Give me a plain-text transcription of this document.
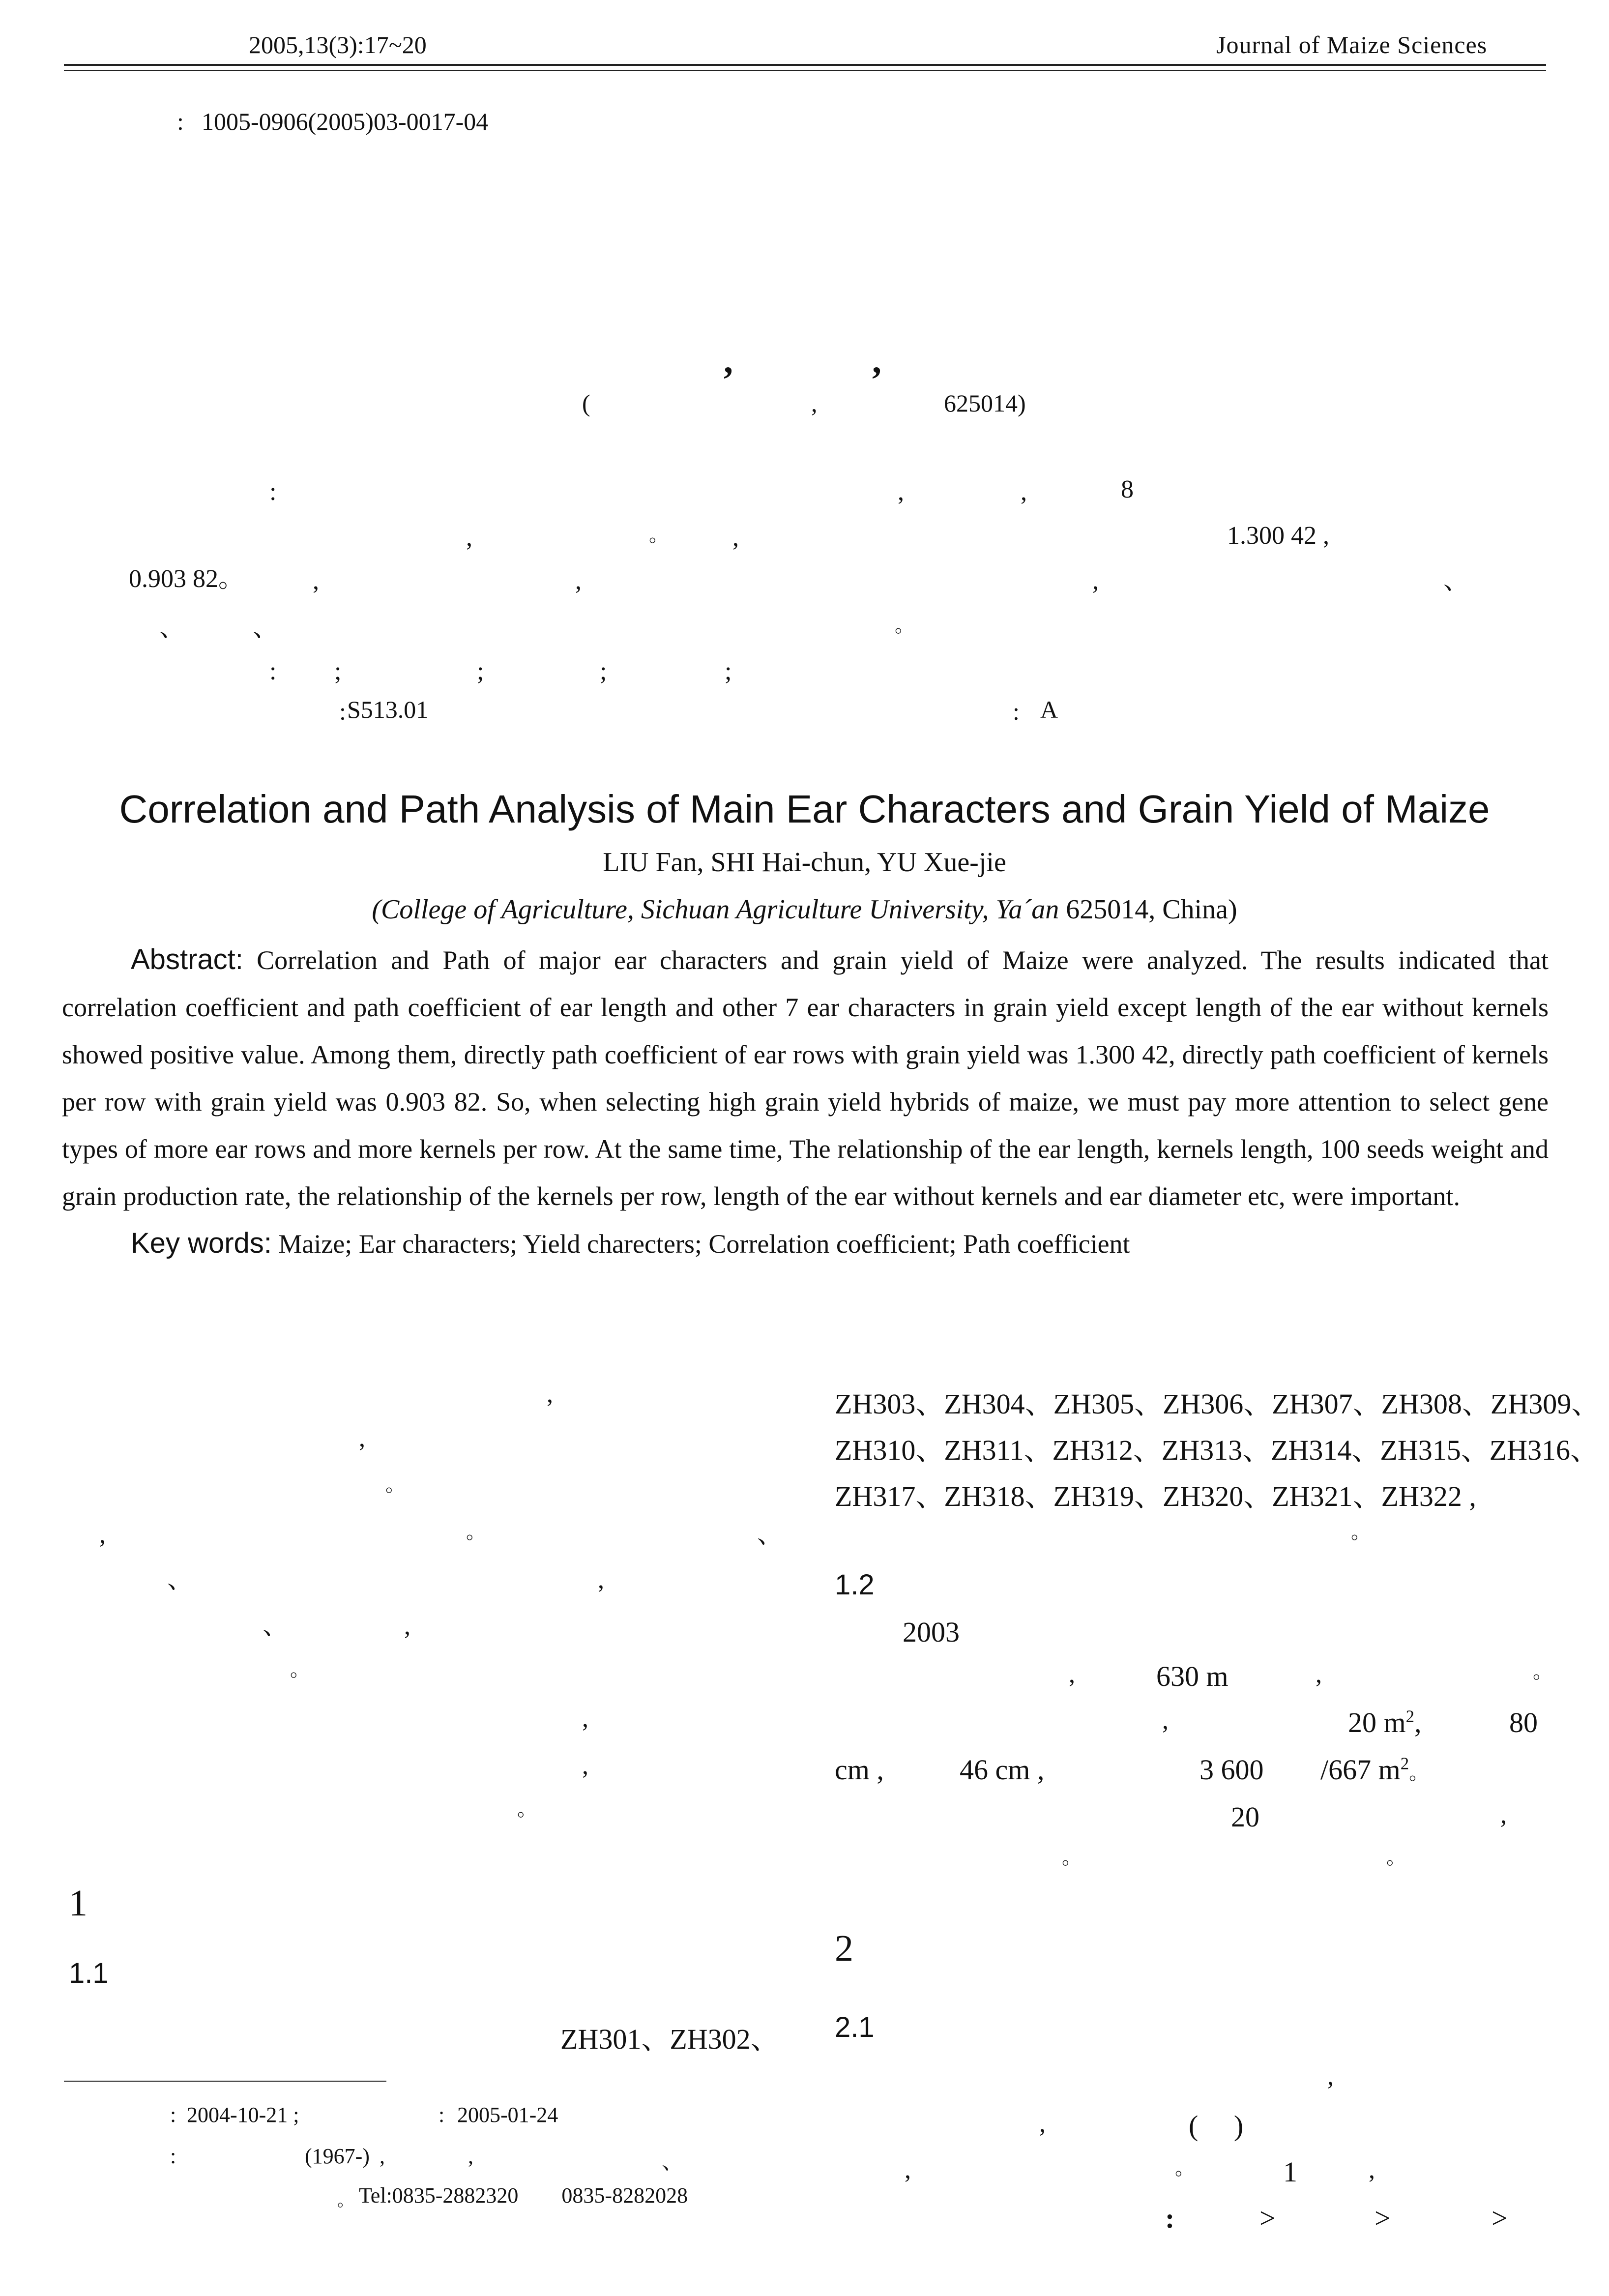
2005,13(3):17~20	Journal of Maize Sciences
: 1005-0906(2005)03-0017-04
,	,
(	,	625014)
:	,	,	8
,	。	,	1.300 42 ,
0.903 82。	,	,	,	、
、	、	。
: ;	;	;	;
: S513.01	: A
Correlation and Path Analysis of Main Ear Characters and Grain Yield of Maize
LIU Fan, SHI Hai-chun, YU Xue-jie
(College of Agriculture, Sichuan Agriculture University, Ya´an 625014, China)

Abstract: Correlation and Path of major ear characters and grain yield of Maize were analyzed. The results indicated that correlation coefficient and path coefficient of ear length and other 7 ear characters in grain yield except length of the ear without kernels showed positive value. Among them, directly path coefficient of ear rows with grain yield was 1.300 42, directly path coefficient of kernels per row with grain yield was 0.903 82. So, when selecting high grain yield hybrids of maize, we must pay more attention to select gene types of more ear rows and more kernels per row. At the same time, The relationship of the ear length, kernels length, 100 seeds weight and grain production rate, the relationship of the kernels per row, length of the ear without kernels and ear diameter etc, were important.

Key words: Maize; Ear characters; Yield charecters; Correlation coefficient; Path coefficient

,
,
。
,	。	、
、	,
、	,
。
,
,
。
1
1.1
ZH301、ZH302、
ZH303、ZH304、ZH305、ZH306、ZH307、ZH308、ZH309、
ZH310、ZH311、ZH312、ZH313、ZH314、ZH315、ZH316、
ZH317、ZH318、ZH319、ZH320、ZH321、ZH322 ,
。
1.2
2003
,	630 m	,	。
,	20 $m^2$,	80
cm ,	46 cm ,	3 600 /667 $m^2$。
20	,
。	。
2
2.1
,
,	(  )
,	。	1	,
:	>	>	>
: 2004-10-21 ;	: 2005-01-24
:	(1967-) ,	,	、
。 Tel:0835-2882320  0835-8282028
